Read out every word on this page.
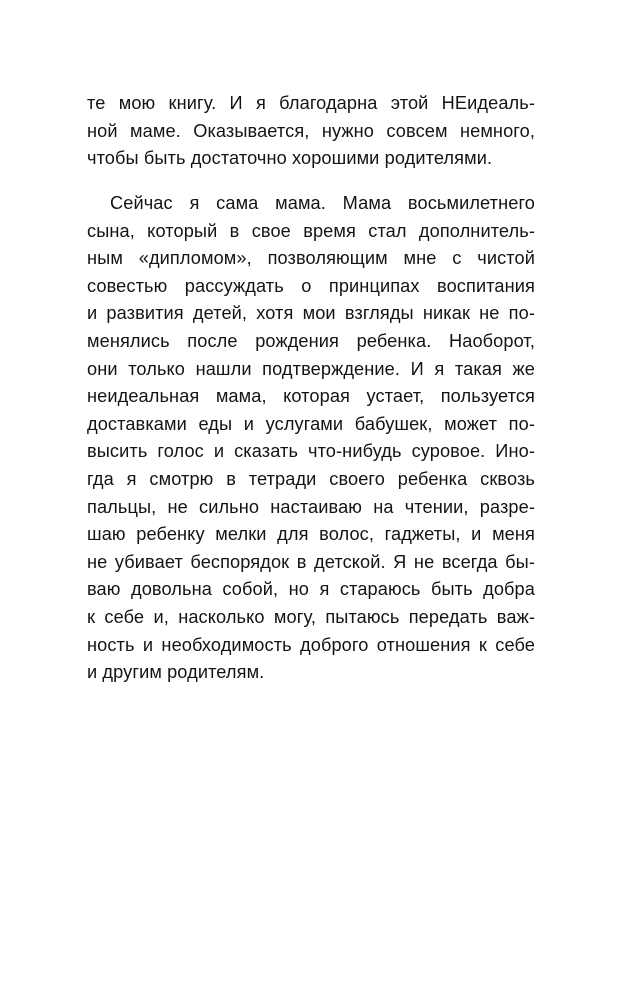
те мою книгу. И я благодарна этой НЕидеаль-
ной маме. Оказывается, нужно совсем немного,
чтобы быть достаточно хорошими родителями.
Сейчас я сама мама. Мама восьмилетнего
сына, который в свое время стал дополнитель-
ным «дипломом», позволяющим мне с чистой
совестью рассуждать о принципах воспитания
и развития детей, хотя мои взгляды никак не по-
менялись после рождения ребенка. Наоборот,
они только нашли подтверждение. И я такая же
неидеальная мама, которая устает, пользуется
доставками еды и услугами бабушек, может по-
высить голос и сказать что-нибудь суровое. Ино-
гда я смотрю в тетради своего ребенка сквозь
пальцы, не сильно настаиваю на чтении, разре-
шаю ребенку мелки для волос, гаджеты, и меня
не убивает беспорядок в детской. Я не всегда бы-
ваю довольна собой, но я стараюсь быть добра
к себе и, насколько могу, пытаюсь передать важ-
ность и необходимость доброго отношения к себе
и другим родителям.
